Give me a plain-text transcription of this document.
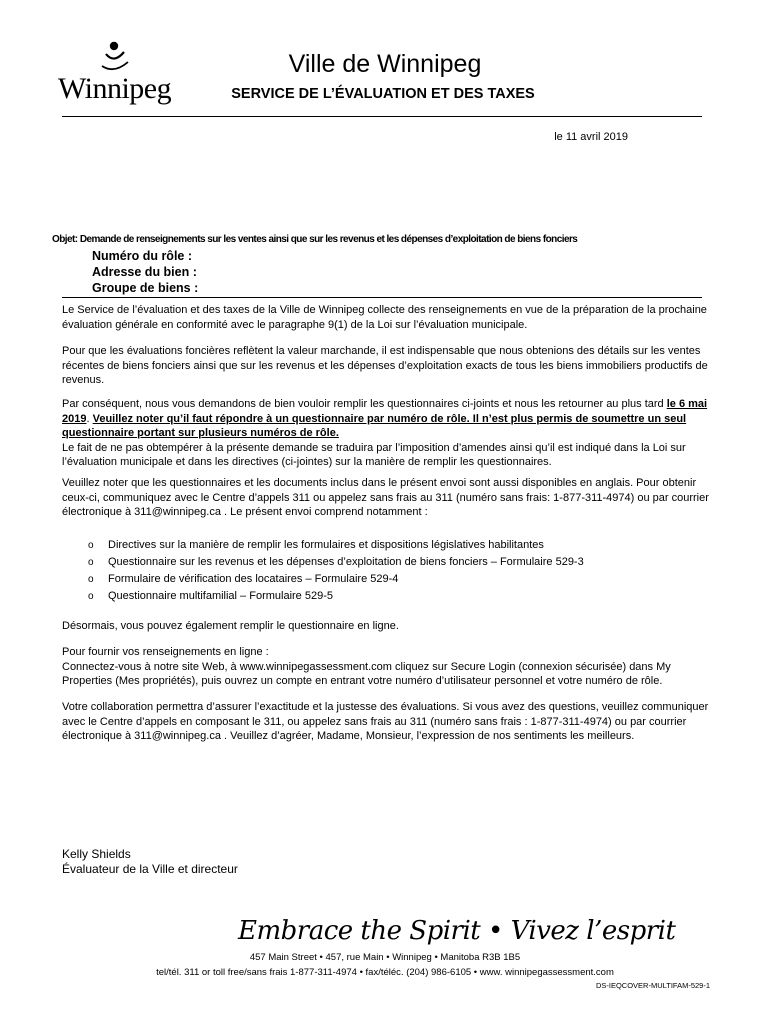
Winnipeg
Ville de Winnipeg
SERVICE DE L’ÉVALUATION ET DES TAXES
le 11 avril 2019
Objet: Demande de renseignements sur les ventes ainsi que sur les revenus et les dépenses d’exploitation de biens fonciers
Numéro du rôle :
Adresse du bien :
Groupe de biens :
Le Service de l’évaluation et des taxes de la Ville de Winnipeg collecte des renseignements en vue de la préparation de la prochaine évaluation générale en conformité avec le paragraphe 9(1) de la Loi sur l’évaluation municipale.
Pour que les évaluations foncières reflètent la valeur marchande, il est indispensable que nous obtenions des détails sur les ventes récentes de biens fonciers ainsi que sur les revenus et les dépenses d’exploitation exacts de tous les biens immobiliers productifs de revenus.
Par conséquent, nous vous demandons de bien vouloir remplir les questionnaires ci-joints et nous les retourner au plus tard le 6 mai 2019. Veuillez noter qu’il faut répondre à un questionnaire par numéro de rôle. Il n’est plus permis de soumettre un seul questionnaire portant sur plusieurs numéros de rôle.
Le fait de ne pas obtempérer à la présente demande se traduira par l’imposition d’amendes ainsi qu’il est indiqué dans la Loi sur l’évaluation municipale et dans les directives (ci-jointes) sur la manière de remplir les questionnaires.
Veuillez noter que les questionnaires et les documents inclus dans le présent envoi sont aussi disponibles en anglais. Pour obtenir ceux-ci, communiquez avec le Centre d’appels 311 ou appelez sans frais au 311 (numéro sans frais: 1-877-311-4974) ou par courrier électronique à 311@winnipeg.ca . Le présent envoi comprend notamment :
o Directives sur la manière de remplir les formulaires et dispositions législatives habilitantes
o Questionnaire sur les revenus et les dépenses d’exploitation de biens fonciers – Formulaire 529-3
o Formulaire de vérification des locataires – Formulaire 529-4
o Questionnaire multifamilial – Formulaire 529-5
Désormais, vous pouvez également remplir le questionnaire en ligne.
Pour fournir vos renseignements en ligne :
Connectez-vous à notre site Web, à www.winnipegassessment.com cliquez sur Secure Login (connexion sécurisée) dans My Properties (Mes propriétés), puis ouvrez un compte en entrant votre numéro d’utilisateur personnel et votre numéro de rôle.
Votre collaboration permettra d’assurer l’exactitude et la justesse des évaluations. Si vous avez des questions, veuillez communiquer avec le Centre d’appels en composant le 311, ou appelez sans frais au 311 (numéro sans frais : 1-877-311-4974) ou par courrier électronique à 311@winnipeg.ca . Veuillez d’agréer, Madame, Monsieur, l’expression de nos sentiments les meilleurs.
Kelly Shields
Évaluateur de la Ville et directeur
Embrace the Spirit • Vivez l’esprit
457 Main Street • 457, rue Main • Winnipeg • Manitoba R3B 1B5
tel/tél. 311 or toll free/sans frais 1-877-311-4974 • fax/téléc. (204) 986-6105 • www. winnipegassessment.com
DS-IEQCOVER-MULTIFAM-529-1
